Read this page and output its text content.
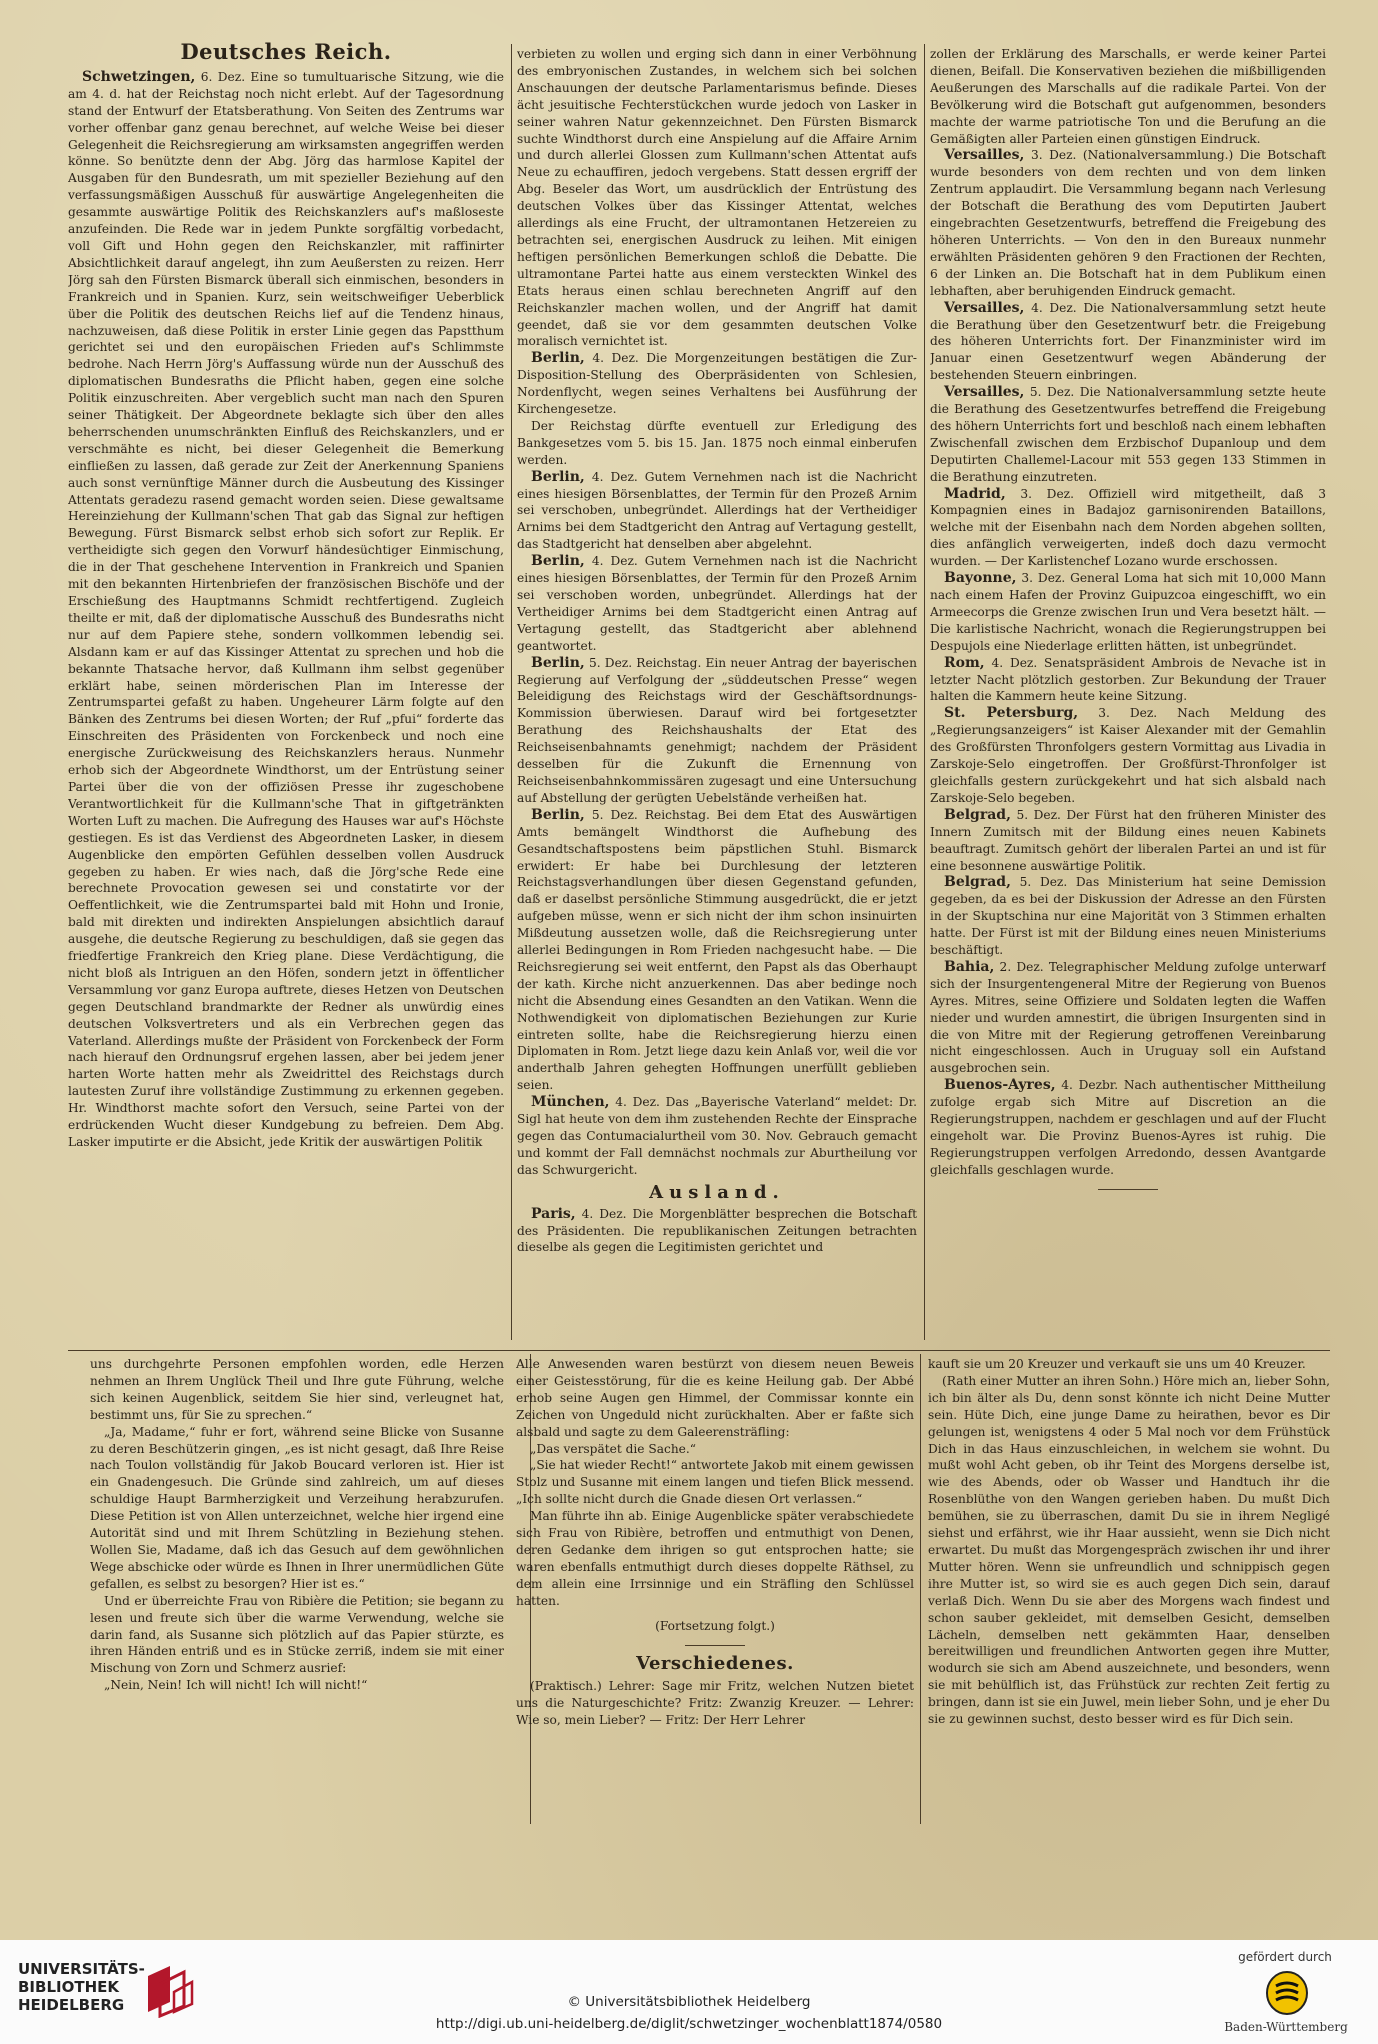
Deutsches Reich.

Schwetzingen, 6. Dez. Eine so tumultuarische Sitzung, wie die am 4. d. hat der Reichstag noch nicht erlebt. Auf der Tagesordnung stand der Entwurf der Etatsberathung. Von Seiten des Zentrums war vorher offenbar ganz genau berechnet, auf welche Weise bei dieser Gelegenheit die Reichsregierung am wirksamsten angegriffen werden könne. So benützte denn der Abg. Jörg das harmlose Kapitel der Ausgaben für den Bundesrath, um mit spezieller Beziehung auf den verfassungsmäßigen Ausschuß für auswärtige Angelegenheiten die gesammte auswärtige Politik des Reichskanzlers auf's maßloseste anzufeinden. Die Rede war in jedem Punkte sorgfältig vorbedacht, voll Gift und Hohn gegen den Reichskanzler, mit raffinirter Absichtlichkeit darauf angelegt, ihn zum Aeußersten zu reizen. Herr Jörg sah den Fürsten Bismarck überall sich einmischen, besonders in Frankreich und in Spanien. Kurz, sein weitschweifiger Ueberblick über die Politik des deutschen Reichs lief auf die Tendenz hinaus, nachzuweisen, daß diese Politik in erster Linie gegen das Papstthum gerichtet sei und den europäischen Frieden auf's Schlimmste bedrohe. Nach Herrn Jörg's Auffassung würde nun der Ausschuß des diplomatischen Bundesraths die Pflicht haben, gegen eine solche Politik einzuschreiten. Aber vergeblich sucht man nach den Spuren seiner Thätigkeit. Der Abgeordnete beklagte sich über den alles beherrschenden unumschränkten Einfluß des Reichskanzlers, und er verschmähte es nicht, bei dieser Gelegenheit die Bemerkung einfließen zu lassen, daß gerade zur Zeit der Anerkennung Spaniens auch sonst vernünftige Männer durch die Ausbeutung des Kissinger Attentats geradezu rasend gemacht worden seien. Diese gewaltsame Hereinziehung der Kullmann'schen That gab das Signal zur heftigen Bewegung. Fürst Bismarck selbst erhob sich sofort zur Replik. Er vertheidigte sich gegen den Vorwurf händesüchtiger Einmischung, die in der That geschehene Intervention in Frankreich und Spanien mit den bekannten Hirtenbriefen der französischen Bischöfe und der Erschießung des Hauptmanns Schmidt rechtfertigend. Zugleich theilte er mit, daß der diplomatische Ausschuß des Bundesraths nicht nur auf dem Papiere stehe, sondern vollkommen lebendig sei. Alsdann kam er auf das Kissinger Attentat zu sprechen und hob die bekannte Thatsache hervor, daß Kullmann ihm selbst gegenüber erklärt habe, seinen mörderischen Plan im Interesse der Zentrumspartei gefaßt zu haben. Ungeheurer Lärm folgte auf den Bänken des Zentrums bei diesen Worten; der Ruf „pfui“ forderte das Einschreiten des Präsidenten von Forckenbeck und noch eine energische Zurückweisung des Reichskanzlers heraus. Nunmehr erhob sich der Abgeordnete Windthorst, um der Entrüstung seiner Partei über die von der offiziösen Presse ihr zugeschobene Verantwortlichkeit für die Kullmann'sche That in giftgetränkten Worten Luft zu machen. Die Aufregung des Hauses war auf's Höchste gestiegen. Es ist das Verdienst des Abgeordneten Lasker, in diesem Augenblicke den empörten Gefühlen desselben vollen Ausdruck gegeben zu haben. Er wies nach, daß die Jörg'sche Rede eine berechnete Provocation gewesen sei und constatirte vor der Oeffentlichkeit, wie die Zentrumspartei bald mit Hohn und Ironie, bald mit direkten und indirekten Anspielungen absichtlich darauf ausgehe, die deutsche Regierung zu beschuldigen, daß sie gegen das friedfertige Frankreich den Krieg plane. Diese Verdächtigung, die nicht bloß als Intriguen an den Höfen, sondern jetzt in öffentlicher Versammlung vor ganz Europa auftrete, dieses Hetzen von Deutschen gegen Deutschland brandmarkte der Redner als unwürdig eines deutschen Volksvertreters und als ein Verbrechen gegen das Vaterland. Allerdings mußte der Präsident von Forckenbeck der Form nach hierauf den Ordnungsruf ergehen lassen, aber bei jedem jener harten Worte hatten mehr als Zweidrittel des Reichstags durch lautesten Zuruf ihre vollständige Zustimmung zu erkennen gegeben. Hr. Windthorst machte sofort den Versuch, seine Partei von der erdrückenden Wucht dieser Kundgebung zu befreien. Dem Abg. Lasker imputirte er die Absicht, jede Kritik der auswärtigen Politik

verbieten zu wollen und erging sich dann in einer Verböhnung des embryonischen Zustandes, in welchem sich bei solchen Anschauungen der deutsche Parlamentarismus befinde. Dieses ächt jesuitische Fechterstückchen wurde jedoch von Lasker in seiner wahren Natur gekennzeichnet. Den Fürsten Bismarck suchte Windthorst durch eine Anspielung auf die Affaire Arnim und durch allerlei Glossen zum Kullmann'schen Attentat aufs Neue zu echauffiren, jedoch vergebens. Statt dessen ergriff der Abg. Beseler das Wort, um ausdrücklich der Entrüstung des deutschen Volkes über das Kissinger Attentat, welches allerdings als eine Frucht, der ultramontanen Hetzereien zu betrachten sei, energischen Ausdruck zu leihen. Mit einigen heftigen persönlichen Bemerkungen schloß die Debatte. Die ultramontane Partei hatte aus einem versteckten Winkel des Etats heraus einen schlau berechneten Angriff auf den Reichskanzler machen wollen, und der Angriff hat damit geendet, daß sie vor dem gesammten deutschen Volke moralisch vernichtet ist.

Berlin, 4. Dez. Die Morgenzeitungen bestätigen die Zur-Disposition-Stellung des Oberpräsidenten von Schlesien, Nordenflycht, wegen seines Verhaltens bei Ausführung der Kirchengesetze.

Der Reichstag dürfte eventuell zur Erledigung des Bankgesetzes vom 5. bis 15. Jan. 1875 noch einmal einberufen werden.

Berlin, 4. Dez. Gutem Vernehmen nach ist die Nachricht eines hiesigen Börsenblattes, der Termin für den Prozeß Arnim sei verschoben, unbegründet. Allerdings hat der Vertheidiger Arnims bei dem Stadtgericht den Antrag auf Vertagung gestellt, das Stadtgericht hat denselben aber abgelehnt.

Berlin, 4. Dez. Gutem Vernehmen nach ist die Nachricht eines hiesigen Börsenblattes, der Termin für den Prozeß Arnim sei verschoben worden, unbegründet. Allerdings hat der Vertheidiger Arnims bei dem Stadtgericht einen Antrag auf Vertagung gestellt, das Stadtgericht aber ablehnend geantwortet.

Berlin, 5. Dez. Reichstag. Ein neuer Antrag der bayerischen Regierung auf Verfolgung der „süddeutschen Presse“ wegen Beleidigung des Reichstags wird der Geschäftsordnungs-Kommission überwiesen. Darauf wird bei fortgesetzter Berathung des Reichshaushalts der Etat des Reichseisenbahnamts genehmigt; nachdem der Präsident desselben für die Zukunft die Ernennung von Reichseisenbahnkommissären zugesagt und eine Untersuchung auf Abstellung der gerügten Uebelstände verheißen hat.

Berlin, 5. Dez. Reichstag. Bei dem Etat des Auswärtigen Amts bemängelt Windthorst die Aufhebung des Gesandtschaftspostens beim päpstlichen Stuhl. Bismarck erwidert: Er habe bei Durchlesung der letzteren Reichstagsverhandlungen über diesen Gegenstand gefunden, daß er daselbst persönliche Stimmung ausgedrückt, die er jetzt aufgeben müsse, wenn er sich nicht der ihm schon insinuirten Mißdeutung aussetzen wolle, daß die Reichsregierung unter allerlei Bedingungen in Rom Frieden nachgesucht habe. — Die Reichsregierung sei weit entfernt, den Papst als das Oberhaupt der kath. Kirche nicht anzuerkennen. Das aber bedinge noch nicht die Absendung eines Gesandten an den Vatikan. Wenn die Nothwendigkeit von diplomatischen Beziehungen zur Kurie eintreten sollte, habe die Reichsregierung hierzu einen Diplomaten in Rom. Jetzt liege dazu kein Anlaß vor, weil die vor anderthalb Jahren gehegten Hoffnungen unerfüllt geblieben seien.

München, 4. Dez. Das „Bayerische Vaterland“ meldet: Dr. Sigl hat heute von dem ihm zustehenden Rechte der Einsprache gegen das Contumacialurtheil vom 30. Nov. Gebrauch gemacht und kommt der Fall demnächst nochmals zur Aburtheilung vor das Schwurgericht.

Ausland.

Paris, 4. Dez. Die Morgenblätter besprechen die Botschaft des Präsidenten. Die republikanischen Zeitungen betrachten dieselbe als gegen die Legitimisten gerichtet und

zollen der Erklärung des Marschalls, er werde keiner Partei dienen, Beifall. Die Konservativen beziehen die mißbilligenden Aeußerungen des Marschalls auf die radikale Partei. Von der Bevölkerung wird die Botschaft gut aufgenommen, besonders machte der warme patriotische Ton und die Berufung an die Gemäßigten aller Parteien einen günstigen Eindruck.

Versailles, 3. Dez. (Nationalversammlung.) Die Botschaft wurde besonders von dem rechten und von dem linken Zentrum applaudirt. Die Versammlung begann nach Verlesung der Botschaft die Berathung des vom Deputirten Jaubert eingebrachten Gesetzentwurfs, betreffend die Freigebung des höheren Unterrichts. — Von den in den Bureaux nunmehr erwählten Präsidenten gehören 9 den Fractionen der Rechten, 6 der Linken an. Die Botschaft hat in dem Publikum einen lebhaften, aber beruhigenden Eindruck gemacht.

Versailles, 4. Dez. Die Nationalversammlung setzt heute die Berathung über den Gesetzentwurf betr. die Freigebung des höheren Unterrichts fort. Der Finanzminister wird im Januar einen Gesetzentwurf wegen Abänderung der bestehenden Steuern einbringen.

Versailles, 5. Dez. Die Nationalversammlung setzte heute die Berathung des Gesetzentwurfes betreffend die Freigebung des höhern Unterrichts fort und beschloß nach einem lebhaften Zwischenfall zwischen dem Erzbischof Dupanloup und dem Deputirten Challemel-Lacour mit 553 gegen 133 Stimmen in die Berathung einzutreten.

Madrid, 3. Dez. Offiziell wird mitgetheilt, daß 3 Kompagnien eines in Badajoz garnisonirenden Bataillons, welche mit der Eisenbahn nach dem Norden abgehen sollten, dies anfänglich verweigerten, indeß doch dazu vermocht wurden. — Der Karlistenchef Lozano wurde erschossen.

Bayonne, 3. Dez. General Loma hat sich mit 10,000 Mann nach einem Hafen der Provinz Guipuzcoa eingeschifft, wo ein Armeecorps die Grenze zwischen Irun und Vera besetzt hält. — Die karlistische Nachricht, wonach die Regierungstruppen bei Despujols eine Niederlage erlitten hätten, ist unbegründet.

Rom, 4. Dez. Senatspräsident Ambrois de Nevache ist in letzter Nacht plötzlich gestorben. Zur Bekundung der Trauer halten die Kammern heute keine Sitzung.

St. Petersburg, 3. Dez. Nach Meldung des „Regierungsanzeigers“ ist Kaiser Alexander mit der Gemahlin des Großfürsten Thronfolgers gestern Vormittag aus Livadia in Zarskoje-Selo eingetroffen. Der Großfürst-Thronfolger ist gleichfalls gestern zurückgekehrt und hat sich alsbald nach Zarskoje-Selo begeben.

Belgrad, 5. Dez. Der Fürst hat den früheren Minister des Innern Zumitsch mit der Bildung eines neuen Kabinets beauftragt. Zumitsch gehört der liberalen Partei an und ist für eine besonnene auswärtige Politik.

Belgrad, 5. Dez. Das Ministerium hat seine Demission gegeben, da es bei der Diskussion der Adresse an den Fürsten in der Skuptschina nur eine Majorität von 3 Stimmen erhalten hatte. Der Fürst ist mit der Bildung eines neuen Ministeriums beschäftigt.

Bahia, 2. Dez. Telegraphischer Meldung zufolge unterwarf sich der Insurgentengeneral Mitre der Regierung von Buenos Ayres. Mitres, seine Offiziere und Soldaten legten die Waffen nieder und wurden amnestirt, die übrigen Insurgenten sind in die von Mitre mit der Regierung getroffenen Vereinbarung nicht eingeschlossen. Auch in Uruguay soll ein Aufstand ausgebrochen sein.

Buenos-Ayres, 4. Dezbr. Nach authentischer Mittheilung zufolge ergab sich Mitre auf Discretion an die Regierungstruppen, nachdem er geschlagen und auf der Flucht eingeholt war. Die Provinz Buenos-Ayres ist ruhig. Die Regierungstruppen verfolgen Arredondo, dessen Avantgarde gleichfalls geschlagen wurde.

uns durchgehrte Personen empfohlen worden, edle Herzen nehmen an Ihrem Unglück Theil und Ihre gute Führung, welche sich keinen Augenblick, seitdem Sie hier sind, verleugnet hat, bestimmt uns, für Sie zu sprechen.“

„Ja, Madame,“ fuhr er fort, während seine Blicke von Susanne zu deren Beschützerin gingen, „es ist nicht gesagt, daß Ihre Reise nach Toulon vollständig für Jakob Boucard verloren ist. Hier ist ein Gnadengesuch. Die Gründe sind zahlreich, um auf dieses schuldige Haupt Barmherzigkeit und Verzeihung herabzurufen. Diese Petition ist von Allen unterzeichnet, welche hier irgend eine Autorität sind und mit Ihrem Schützling in Beziehung stehen. Wollen Sie, Madame, daß ich das Gesuch auf dem gewöhnlichen Wege abschicke oder würde es Ihnen in Ihrer unermüdlichen Güte gefallen, es selbst zu besorgen? Hier ist es.“

Und er überreichte Frau von Ribière die Petition; sie begann zu lesen und freute sich über die warme Verwendung, welche sie darin fand, als Susanne sich plötzlich auf das Papier stürzte, es ihren Händen entriß und es in Stücke zerriß, indem sie mit einer Mischung von Zorn und Schmerz ausrief:

„Nein, Nein! Ich will nicht! Ich will nicht!“

Alle Anwesenden waren bestürzt von diesem neuen Beweis einer Geistesstörung, für die es keine Heilung gab. Der Abbé erhob seine Augen gen Himmel, der Commissar konnte ein Zeichen von Ungeduld nicht zurückhalten. Aber er faßte sich alsbald und sagte zu dem Galeerensträfling:

„Das verspätet die Sache.“

„Sie hat wieder Recht!“ antwortete Jakob mit einem gewissen Stolz und Susanne mit einem langen und tiefen Blick messend. „Ich sollte nicht durch die Gnade diesen Ort verlassen.“

Man führte ihn ab. Einige Augenblicke später verabschiedete sich Frau von Ribière, betroffen und entmuthigt von Denen, deren Gedanke dem ihrigen so gut entsprochen hatte; sie waren ebenfalls entmuthigt durch dieses doppelte Räthsel, zu dem allein eine Irrsinnige und ein Sträfling den Schlüssel hatten.

(Fortsetzung folgt.)

Verschiedenes.

(Praktisch.) Lehrer: Sage mir Fritz, welchen Nutzen bietet uns die Naturgeschichte? Fritz: Zwanzig Kreuzer. — Lehrer: Wie so, mein Lieber? — Fritz: Der Herr Lehrer

kauft sie um 20 Kreuzer und verkauft sie uns um 40 Kreuzer.

(Rath einer Mutter an ihren Sohn.) Höre mich an, lieber Sohn, ich bin älter als Du, denn sonst könnte ich nicht Deine Mutter sein. Hüte Dich, eine junge Dame zu heirathen, bevor es Dir gelungen ist, wenigstens 4 oder 5 Mal noch vor dem Frühstück Dich in das Haus einzuschleichen, in welchem sie wohnt. Du mußt wohl Acht geben, ob ihr Teint des Morgens derselbe ist, wie des Abends, oder ob Wasser und Handtuch ihr die Rosenblüthe von den Wangen gerieben haben. Du mußt Dich bemühen, sie zu überraschen, damit Du sie in ihrem Negligé siehst und erfährst, wie ihr Haar aussieht, wenn sie Dich nicht erwartet. Du mußt das Morgengespräch zwischen ihr und ihrer Mutter hören. Wenn sie unfreundlich und schnippisch gegen ihre Mutter ist, so wird sie es auch gegen Dich sein, darauf verlaß Dich. Wenn Du sie aber des Morgens wach findest und schon sauber gekleidet, mit demselben Gesicht, demselben Lächeln, demselben nett gekämmten Haar, denselben bereitwilligen und freundlichen Antworten gegen ihre Mutter, wodurch sie sich am Abend auszeichnete, und besonders, wenn sie mit behülflich ist, das Frühstück zur rechten Zeit fertig zu bringen, dann ist sie ein Juwel, mein lieber Sohn, und je eher Du sie zu gewinnen suchst, desto besser wird es für Dich sein.

UNIVERSITÄTS-
BIBLIOTHEK
HEIDELBERG	© Universitätsbibliothek Heidelberg
http://digi.ub.uni-heidelberg.de/diglit/schwetzinger_wochenblatt1874/0580
gefördert durch
Baden-Württemberg
